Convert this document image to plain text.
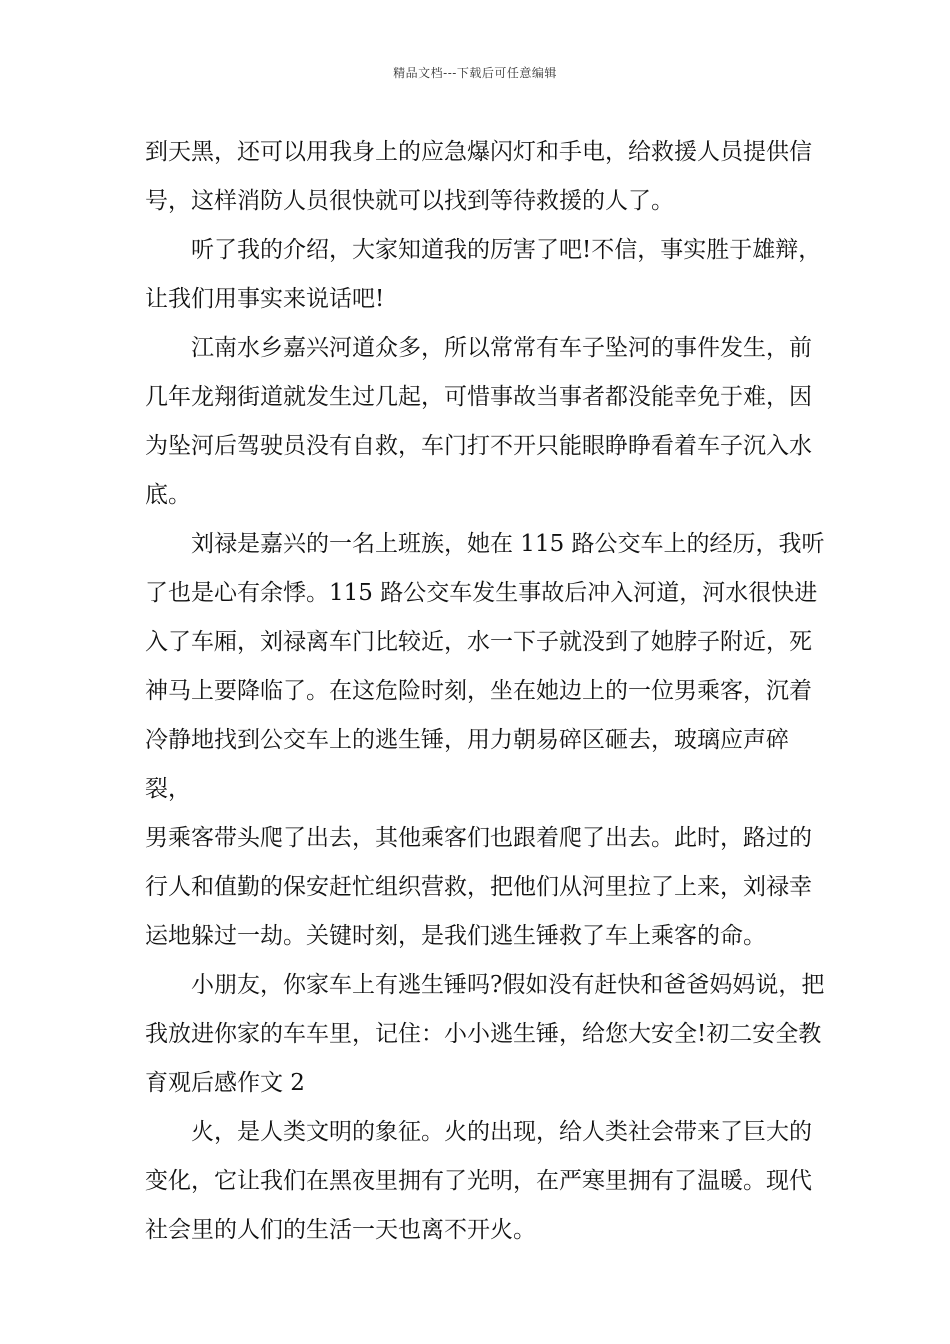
精品文档---下载后可任意编辑

到天黑，还可以用我身上的应急爆闪灯和手电，给救援人员提供信
号，这样消防人员很快就可以找到等待救援的人了。

听了我的介绍，大家知道我的厉害了吧!不信，事实胜于雄辩，
让我们用事实来说话吧!

江南水乡嘉兴河道众多，所以常常有车子坠河的事件发生，前
几年龙翔街道就发生过几起，可惜事故当事者都没能幸免于难，因
为坠河后驾驶员没有自救，车门打不开只能眼睁睁看着车子沉入水
底。

刘禄是嘉兴的一名上班族，她在 115 路公交车上的经历，我听
了也是心有余悸。115 路公交车发生事故后冲入河道，河水很快进
入了车厢，刘禄离车门比较近，水一下子就没到了她脖子附近，死
神马上要降临了。在这危险时刻，坐在她边上的一位男乘客，沉着
冷静地找到公交车上的逃生锤，用力朝易碎区砸去，玻璃应声碎裂，
男乘客带头爬了出去，其他乘客们也跟着爬了出去。此时，路过的
行人和值勤的保安赶忙组织营救，把他们从河里拉了上来，刘禄幸
运地躲过一劫。关键时刻，是我们逃生锤救了车上乘客的命。

小朋友，你家车上有逃生锤吗?假如没有赶快和爸爸妈妈说，把
我放进你家的车车里，记住：小小逃生锤，给您大安全!初二安全教
育观后感作文 2

火，是人类文明的象征。火的出现，给人类社会带来了巨大的
变化，它让我们在黑夜里拥有了光明，在严寒里拥有了温暖。现代
社会里的人们的生活一天也离不开火。
